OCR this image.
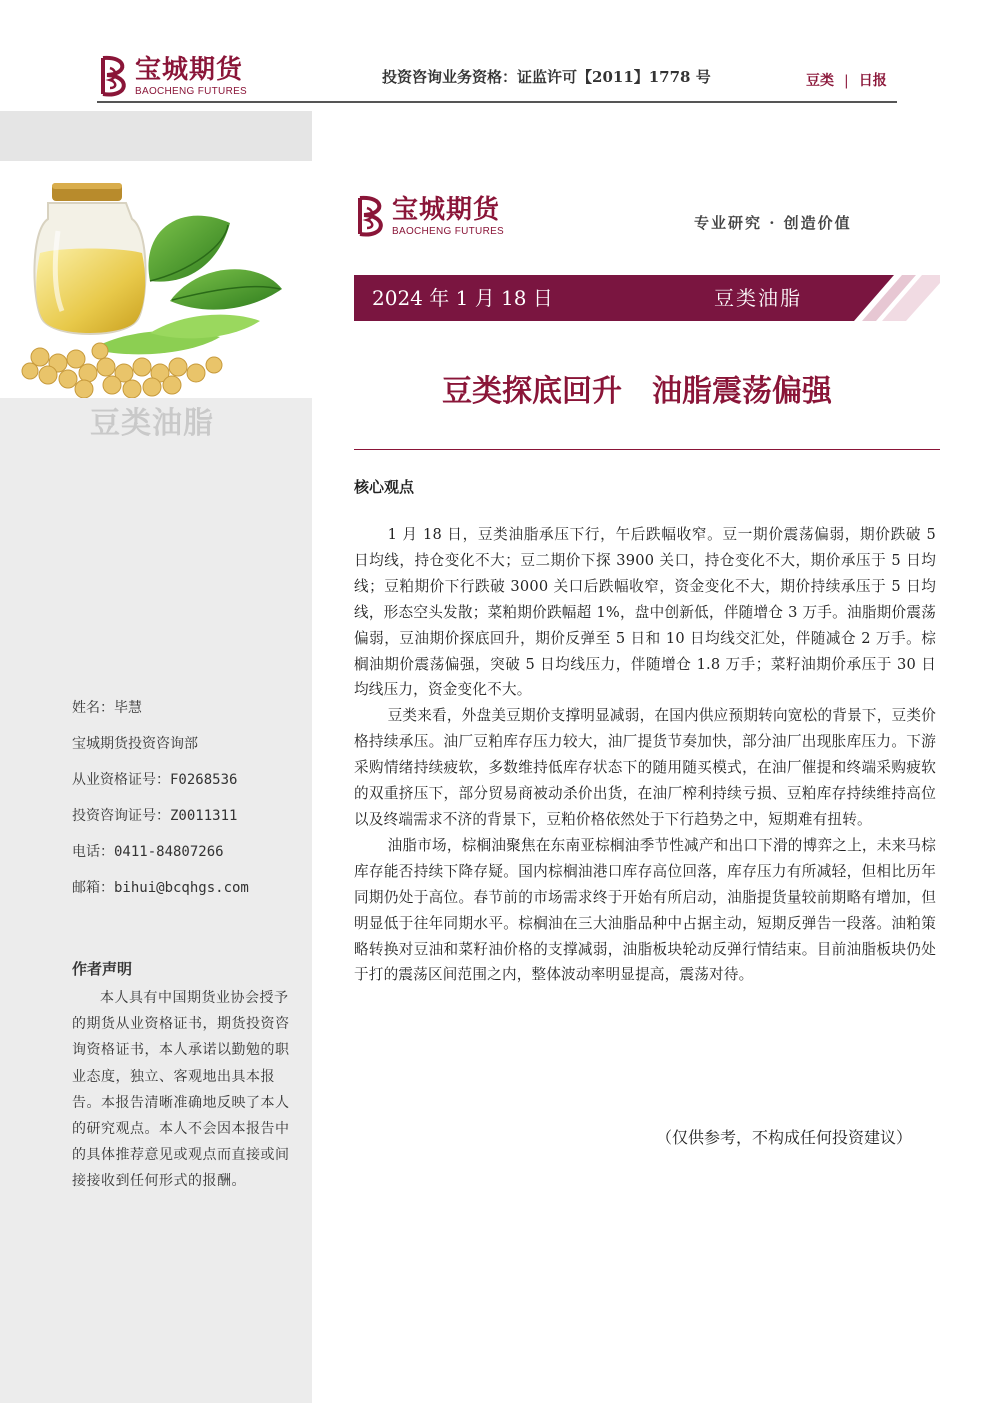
宝城期货
BAOCHENG FUTURES
投资咨询业务资格：证监许可【2011】1778 号	豆类 | 日报
豆类油脂
姓名：毕慧
宝城期货投资咨询部
从业资格证号：F0268536
投资咨询证号：Z0011311
电话：0411-84807266
邮箱：bihui@bcqhgs.com
作者声明
本人具有中国期货业协会授予的期货从业资格证书，期货投资咨询资格证书，本人承诺以勤勉的职业态度，独立、客观地出具本报告。本报告清晰准确地反映了本人的研究观点。本人不会因本报告中的具体推荐意见或观点而直接或间接接收到任何形式的报酬。
宝城期货
BAOCHENG FUTURES	专业研究 · 创造价值
2024 年 1 月 18 日	豆类油脂
豆类探底回升　油脂震荡偏强
核心观点

1 月 18 日，豆类油脂承压下行，午后跌幅收窄。豆一期价震荡偏弱，期价跌破 5 日均线，持仓变化不大；豆二期价下探 3900 关口，持仓变化不大，期价承压于 5 日均线；豆粕期价下行跌破 3000 关口后跌幅收窄，资金变化不大，期价持续承压于 5 日均线，形态空头发散；菜粕期价跌幅超 1%，盘中创新低，伴随增仓 3 万手。油脂期价震荡偏弱，豆油期价探底回升，期价反弹至 5 日和 10 日均线交汇处，伴随减仓 2 万手。棕榈油期价震荡偏强，突破 5 日均线压力，伴随增仓 1.8 万手；菜籽油期价承压于 30 日均线压力，资金变化不大。

豆类来看，外盘美豆期价支撑明显减弱，在国内供应预期转向宽松的背景下，豆类价格持续承压。油厂豆粕库存压力较大，油厂提货节奏加快，部分油厂出现胀库压力。下游采购情绪持续疲软，多数维持低库存状态下的随用随买模式，在油厂催提和终端采购疲软的双重挤压下，部分贸易商被动杀价出货，在油厂榨利持续亏损、豆粕库存持续维持高位以及终端需求不济的背景下，豆粕价格依然处于下行趋势之中，短期难有扭转。

油脂市场，棕榈油聚焦在东南亚棕榈油季节性减产和出口下滑的博弈之上，未来马棕库存能否持续下降存疑。国内棕榈油港口库存高位回落，库存压力有所减轻，但相比历年同期仍处于高位。春节前的市场需求终于开始有所启动，油脂提货量较前期略有增加，但明显低于往年同期水平。棕榈油在三大油脂品种中占据主动，短期反弹告一段落。油粕策略转换对豆油和菜籽油价格的支撑减弱，油脂板块轮动反弹行情结束。目前油脂板块仍处于打的震荡区间范围之内，整体波动率明显提高，震荡对待。

（仅供参考，不构成任何投资建议）
